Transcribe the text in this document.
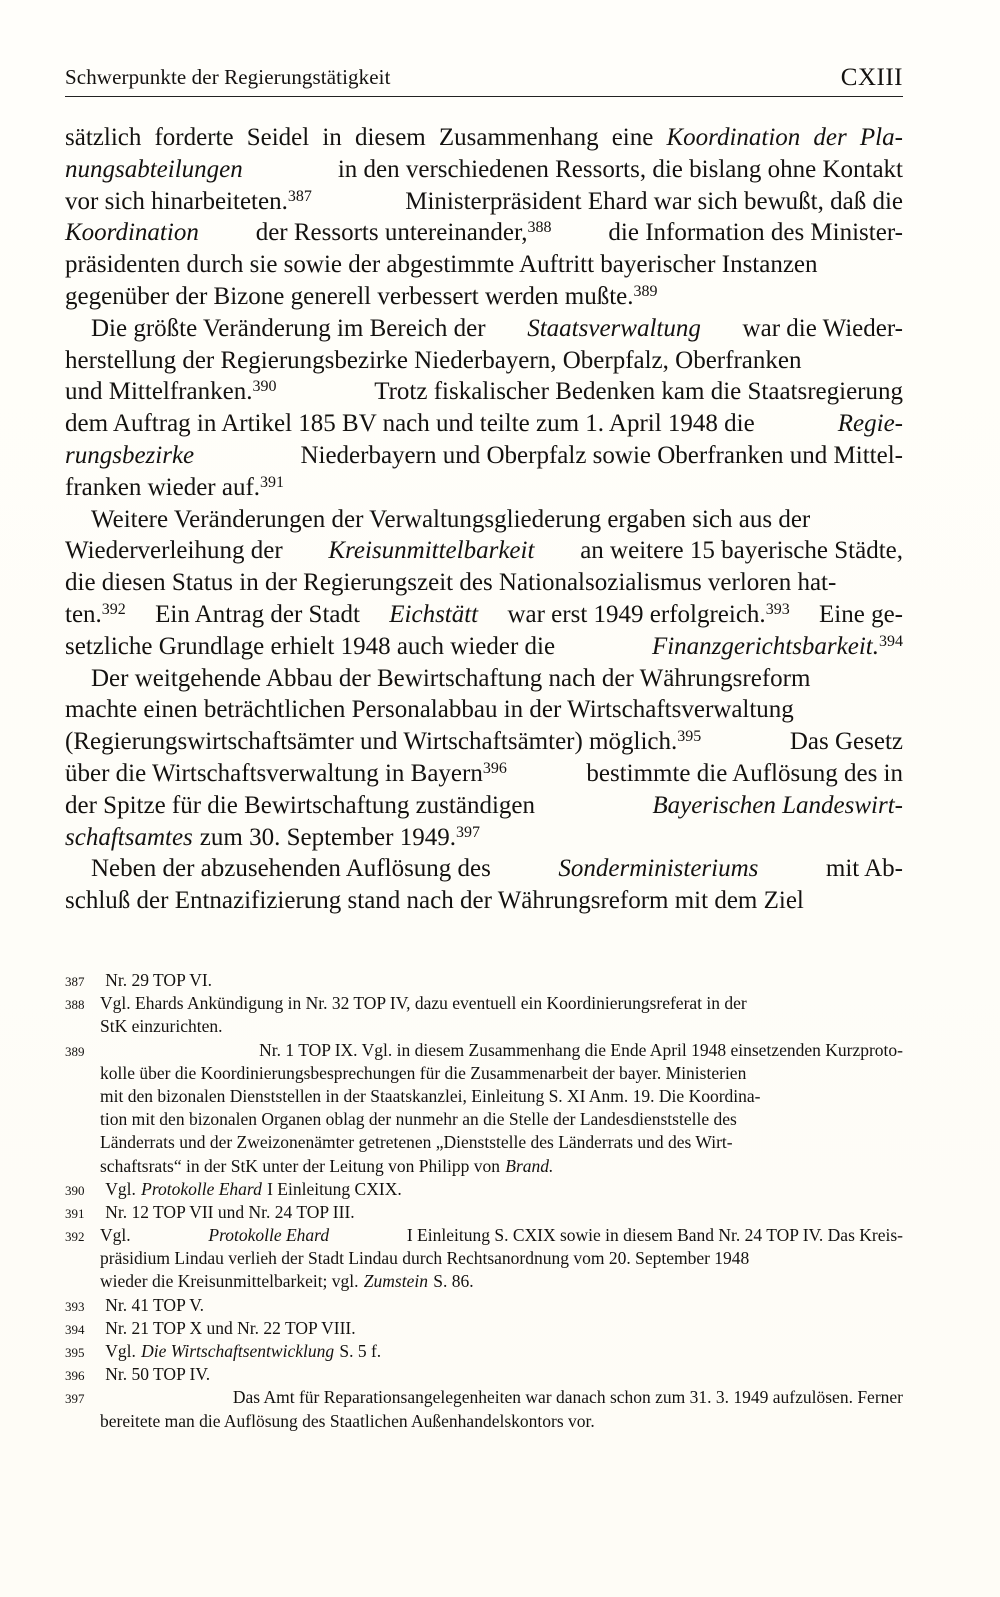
Schwerpunkte der Regierungstätigkeit	CXIII
sätzlich forderte Seidel in diesem Zusammenhang eine Koordination der Pla-
nungsabteilungen	in den verschiedenen Ressorts, die bislang ohne Kontakt
vor sich hinarbeiteten.$^{387}$	Ministerpräsident Ehard war sich bewußt, daß die
Koordination der Ressorts untereinander,$^{388}$ die Information des Minister-
präsidenten durch sie sowie der abgestimmte Auftritt bayerischer Instanzen
gegenüber der Bizone generell verbessert werden mußte.$^{389}$
Die größte Veränderung im Bereich der Staatsverwaltung war die Wieder-
herstellung der Regierungsbezirke Niederbayern, Oberpfalz, Oberfranken
und Mittelfranken.$^{390}$	Trotz fiskalischer Bedenken kam die Staatsregierung
dem Auftrag in Artikel 185 BV nach und teilte zum 1. April 1948 die	Regie-
rungsbezirke	Niederbayern und Oberpfalz sowie Oberfranken und Mittel-
franken wieder auf.$^{391}$
Weitere Veränderungen der Verwaltungsgliederung ergaben sich aus der
Wiederverleihung der Kreisunmittelbarkeit an weitere 15 bayerische Städte,
die diesen Status in der Regierungszeit des Nationalsozialismus verloren hat-
ten.$^{392}$ Ein Antrag der Stadt Eichstätt war erst 1949 erfolgreich.$^{393}$ Eine ge-
setzliche Grundlage erhielt 1948 auch wieder die	Finanzgerichtsbarkeit.$^{394}$
Der weitgehende Abbau der Bewirtschaftung nach der Währungsreform
machte einen beträchtlichen Personalabbau in der Wirtschaftsverwaltung
(Regierungswirtschaftsämter und Wirtschaftsämter) möglich.$^{395}$	Das Gesetz
über die Wirtschaftsverwaltung in Bayern$^{396}$	bestimmte die Auflösung des in
der Spitze für die Bewirtschaftung zuständigen	Bayerischen Landeswirt-
schaftsamtes zum 30. September 1949.$^{397}$
Neben der abzusehenden Auflösung des	Sonderministeriums	mit Ab-
schluß der Entnazifizierung stand nach der Währungsreform mit dem Ziel
387	Nr. 29 TOP VI.
388 Vgl. Ehards Ankündigung in Nr. 32 TOP IV, dazu eventuell ein Koordinierungsreferat in der
StK einzurichten.
389	Nr. 1 TOP IX. Vgl. in diesem Zusammenhang die Ende April 1948 einsetzenden Kurzproto-
kolle über die Koordinierungsbesprechungen für die Zusammenarbeit der bayer. Ministerien
mit den bizonalen Dienststellen in der Staatskanzlei, Einleitung S. XI Anm. 19. Die Koordina-
tion mit den bizonalen Organen oblag der nunmehr an die Stelle der Landesdienststelle des
Länderrats und der Zweizonenämter getretenen „Dienststelle des Länderrats und des Wirt-
schaftsrats“ in der StK unter der Leitung von Philipp von Brand.
390	Vgl. Protokolle Ehard I Einleitung CXIX.
391	Nr. 12 TOP VII und Nr. 24 TOP III.
392 Vgl.	Protokolle Ehard	I Einleitung S. CXIX sowie in diesem Band Nr. 24 TOP IV. Das Kreis-
präsidium Lindau verlieh der Stadt Lindau durch Rechtsanordnung vom 20. September 1948
wieder die Kreisunmittelbarkeit; vgl. Zumstein S. 86.
393	Nr. 41 TOP V.
394	Nr. 21 TOP X und Nr. 22 TOP VIII.
395	Vgl. Die Wirtschaftsentwicklung S. 5 f.
396	Nr. 50 TOP IV.
397	Das Amt für Reparationsangelegenheiten war danach schon zum 31. 3. 1949 aufzulösen. Ferner
bereitete man die Auflösung des Staatlichen Außenhandelskontors vor.
